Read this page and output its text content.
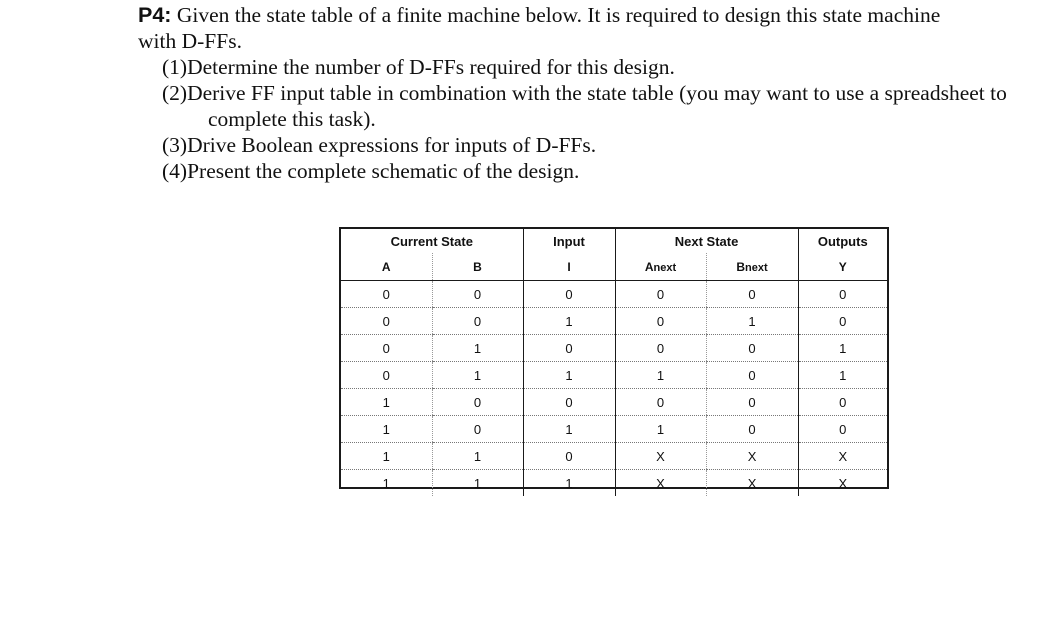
P4: Given the state table of a finite machine below. It is required to design this state machine
with D-FFs.
(1)Determine the number of D-FFs required for this design.
(2)Derive FF input table in combination with the state table (you may want to use a spreadsheet to complete this task).
(3)Drive Boolean expressions for inputs of D-FFs.
(4)Present the complete schematic of the design.
Current State		Input	Next State		Outputs
A	B	I	Anext	Bnext	Y
0	0	0	0	0	0
0	0	1	0	1	0
0	1	0	0	0	1
0	1	1	1	0	1
1	0	0	0	0	0
1	0	1	1	0	0
1	1	0	X	X	X
1	1	1	X	X	X
